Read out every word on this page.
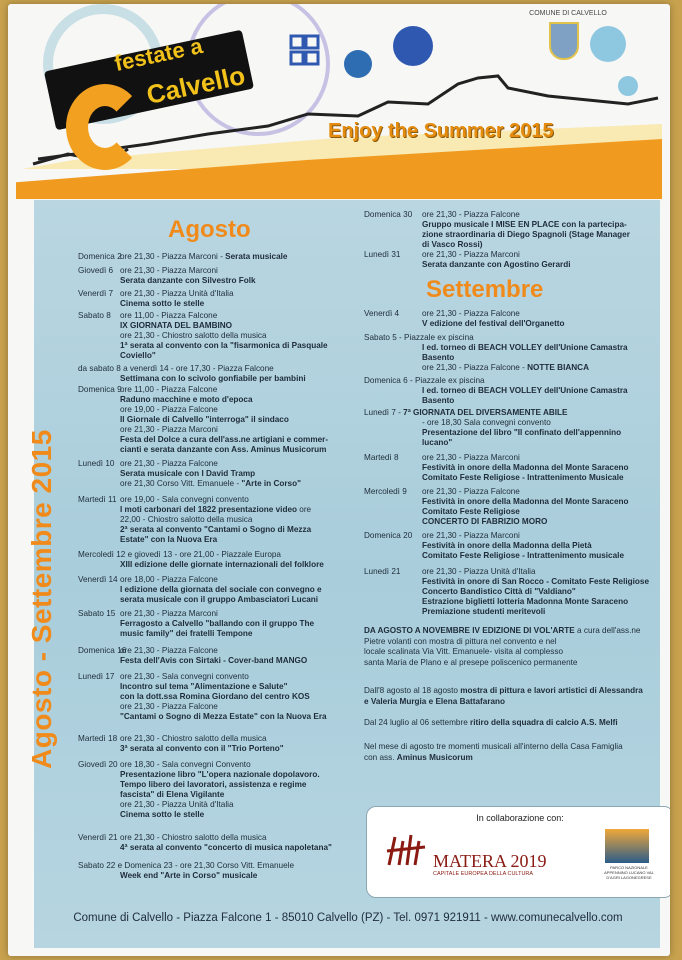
festate a
Calvello
COMUNE DI CALVELLO
Enjoy the Summer 2015
Agosto - Settembre 2015
Agosto
Settembre
Domenica 2
ore 21,30 - Piazza Marconi - Serata musicale
Giovedì 6 ore 21,30 - Piazza Marconi
Serata danzante con Silvestro Folk
Venerdì 7 ore 21,30 - Piazza Unità d'Italia
Cinema sotto le stelle
Sabato 8 ore 11,00 - Piazza Falcone
IX GIORNATA DEL BAMBINO
ore 21,30 - Chiostro salotto della musica
1ª serata al convento con la "fisarmonica di Pasquale
Coviello"
da sabato 8 a venerdì 14 - ore 17,30 - Piazza Falcone
Settimana con lo scivolo gonfiabile per bambini
Domenica 9
ore 11,00 - Piazza Falcone
Raduno macchine e moto d'epoca
ore 19,00 - Piazza Falcone
Il Giornale di Calvello "interroga" il sindaco
ore 21,30 - Piazza Marconi
Festa del Dolce a cura dell'ass.ne artigiani e commer-
cianti e serata danzante con Ass. Aminus Musicorum
Lunedì 10 ore 21,30 - Piazza Falcone
Serata musicale con I David Tramp
ore 21,30 Corso Vitt. Emanuele - "Arte in Corso"
Martedì 11 ore 19,00 - Sala convegni convento
I moti carbonari del 1822 presentazione video ore
22,00 - Chiostro salotto della musica
2ª serata al convento "Cantami o Sogno di Mezza
Estate" con la Nuova Era
Mercoledì 12 e giovedì 13 - ore 21,00 - Piazzale Europa
XIII edizione delle giornate internazionali del folklore
Venerdì 14 ore 18,00 - Piazza Falcone
I edizione della giornata del sociale con convegno e
serata musicale con il gruppo Ambasciatori Lucani
Sabato 15 ore 21,30 - Piazza Marconi
Ferragosto a Calvello "ballando con il gruppo The
music family" dei fratelli Tempone
Domenica 16
ore 21,30 - Piazza Falcone
Festa dell'Avis con Sirtaki - Cover-band MANGO
Lunedì 17 ore 21,30 - Sala convegni convento
Incontro sul tema "Alimentazione e Salute"
con la dott.ssa Romina Giordano del centro KOS
ore 21,30 - Piazza Falcone
"Cantami o Sogno di Mezza Estate" con la Nuova Era
Martedì 18 ore 21,30 - Chiostro salotto della musica
3ª serata al convento con il "Trio Porteno"
Giovedì 20 ore 18,30 - Sala convegni Convento
Presentazione libro "L'opera nazionale dopolavoro.
Tempo libero dei lavoratori, assistenza e regime
fascista" di Elena Vigilante
ore 21,30 - Piazza Unità d'Italia
Cinema sotto le stelle
Venerdì 21 ore 21,30 - Chiostro salotto della musica
4ª serata al convento "concerto di musica napoletana"
Sabato 22 e Domenica 23 - ore 21,30 Corso Vitt. Emanuele
Week end "Arte in Corso" musicale
Domenica 30 ore 21,30 - Piazza Falcone
Gruppo musicale I MISE EN PLACE con la partecipa-
zione straordinaria di Diego Spagnoli (Stage Manager
di Vasco Rossi)
Lunedì 31	ore 21,30 - Piazza Marconi
Serata danzante con Agostino Gerardi
Venerdì 4	ore 21,30 - Piazza Falcone
V edizione del festival dell'Organetto
Sabato 5 - Piazzale ex piscina
I ed. torneo di BEACH VOLLEY dell'Unione Camastra
Basento
ore 21,30 - Piazza Falcone - NOTTE BIANCA
Domenica 6 - Piazzale ex piscina
I ed. torneo di BEACH VOLLEY dell'Unione Camastra
Basento
Lunedì 7 - 7ª GIORNATA DEL DIVERSAMENTE ABILE
- ore 18,30 Sala convegni convento
Presentazione del libro "Il confinato dell'appennino
lucano"
Martedì 8	ore 21,30 - Piazza Marconi
Festività in onore della Madonna del Monte Saraceno
Comitato Feste Religiose - Intrattenimento Musicale
Mercoledì 9 ore 21,30 - Piazza Falcone
Festività in onore della Madonna del Monte Saraceno
Comitato Feste Religiose
CONCERTO DI FABRIZIO MORO
Domenica 20 ore 21,30 - Piazza Marconi
Festività in onore della Madonna della Pietà
Comitato Feste Religiose - Intrattenimento musicale
Lunedì 21	ore 21,30 - Piazza Unità d'Italia
Festività in onore di San Rocco - Comitato Feste Religiose
Concerto Bandistico Città di "Valdiano"
Estrazione biglietti lotteria Madonna Monte Saraceno
Premiazione studenti meritevoli
DA AGOSTO A NOVEMBRE IV EDIZIONE DI VOL'ARTE a cura dell'ass.ne
Pietre volanti con mostra di pittura nel convento e nel
locale scalinata Via Vitt. Emanuele- visita al complesso
santa Maria de Plano e al presepe polisceniсo permanente
Dall'8 agosto al 18 agosto mostra di pittura e lavori artistici di Alessandra
e Valeria Murgia e Elena Battafarano
Dal 24 luglio al 06 settembre ritiro della squadra di calcio A.S. Melfi
Nel mese di agosto tre momenti musicali all'interno della Casa Famiglia
con ass. Aminus Musicorum
In collaborazione con:
MATERA 2019
CAPITALE EUROPEA DELLA CULTURA
PARCO NAZIONALE APPENNINO LUCANO VAL D'AGRI LAGONEGRESE
Comune di Calvello - Piazza Falcone 1 - 85010 Calvello (PZ) - Tel. 0971 921911 - www.comunecalvello.com
